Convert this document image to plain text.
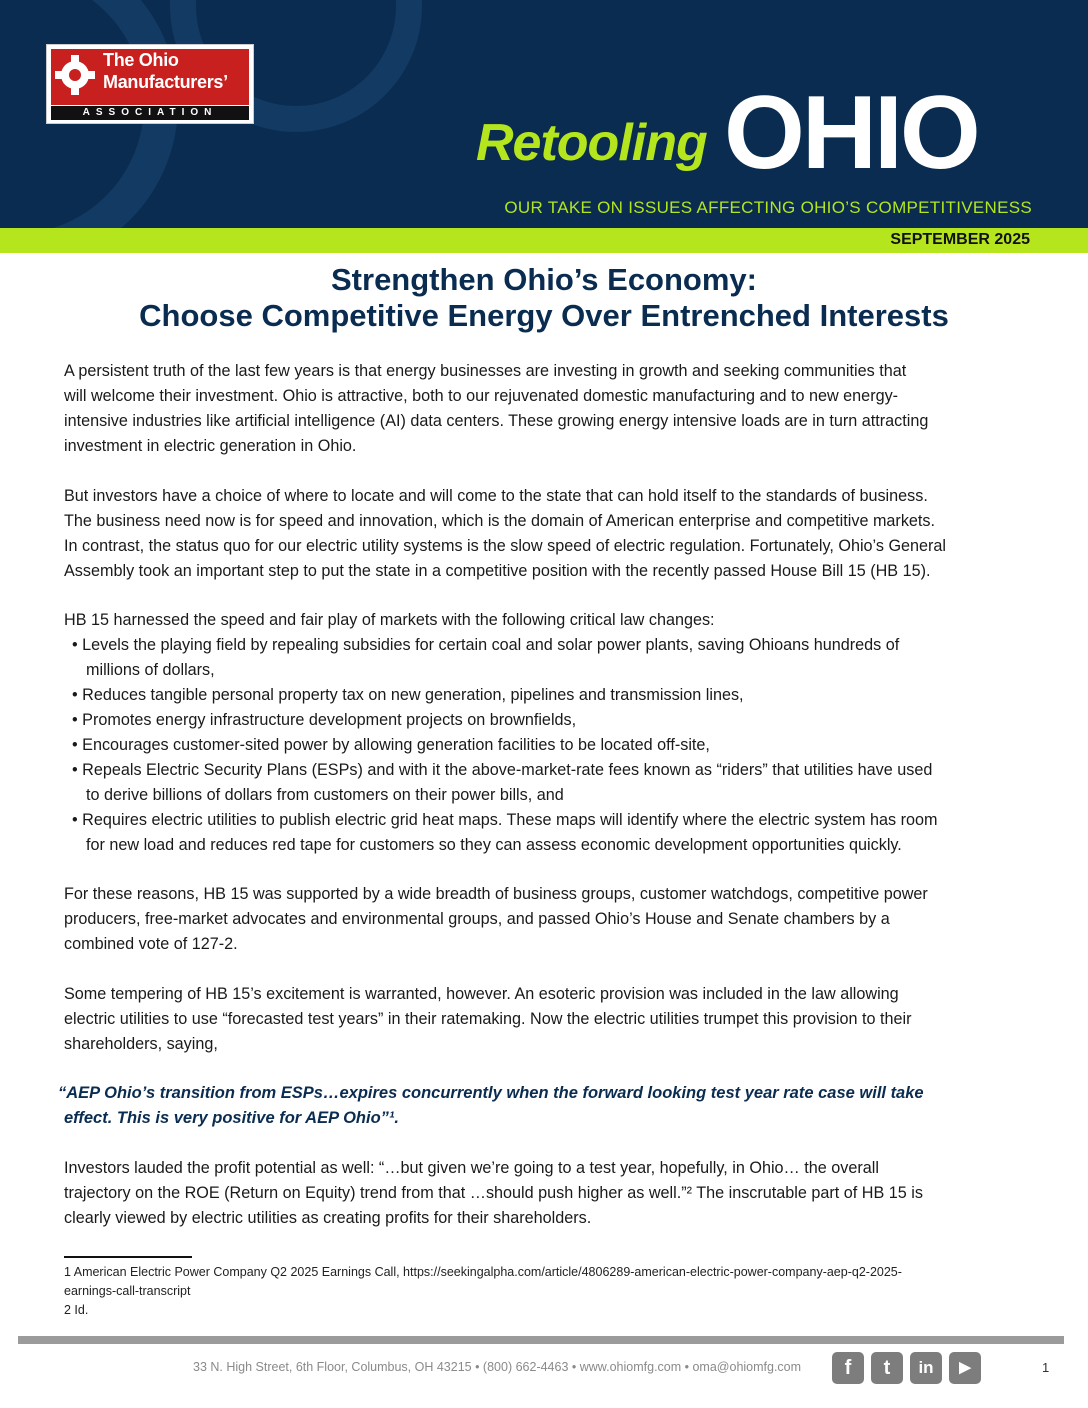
The Ohio
Manufacturers’
ASSOCIATION
Retooling OHIO
OUR TAKE ON ISSUES AFFECTING OHIO’S COMPETITIVENESS
SEPTEMBER 2025
Strengthen Ohio’s Economy:
Choose Competitive Energy Over Entrenched Interests

A persistent truth of the last few years is that energy businesses are investing in growth and seeking communities that

will welcome their investment. Ohio is attractive, both to our rejuvenated domestic manufacturing and to new energy-

intensive industries like artificial intelligence (AI) data centers. These growing energy intensive loads are in turn attracting

investment in electric generation in Ohio.

But investors have a choice of where to locate and will come to the state that can hold itself to the standards of business.

The business need now is for speed and innovation, which is the domain of American enterprise and competitive markets.

In contrast, the status quo for our electric utility systems is the slow speed of electric regulation. Fortunately, Ohio’s General

Assembly took an important step to put the state in a competitive position with the recently passed House Bill 15 (HB 15).

HB 15 harnessed the speed and fair play of markets with the following critical law changes:

• Levels the playing field by repealing subsidies for certain coal and solar power plants, saving Ohioans hundreds of
millions of dollars,
• Reduces tangible personal property tax on new generation, pipelines and transmission lines,
• Promotes energy infrastructure development projects on brownfields,
• Encourages customer-sited power by allowing generation facilities to be located off-site,
• Repeals Electric Security Plans (ESPs) and with it the above-market-rate fees known as “riders” that utilities have used
to derive billions of dollars from customers on their power bills, and
• Requires electric utilities to publish electric grid heat maps. These maps will identify where the electric system has room
for new load and reduces red tape for customers so they can assess economic development opportunities quickly.

For these reasons, HB 15 was supported by a wide breadth of business groups, customer watchdogs, competitive power

producers, free-market advocates and environmental groups, and passed Ohio’s House and Senate chambers by a

combined vote of 127-2.

Some tempering of HB 15’s excitement is warranted, however. An esoteric provision was included in the law allowing

electric utilities to use “forecasted test years” in their ratemaking. Now the electric utilities trumpet this provision to their

shareholders, saying,

“AEP Ohio’s transition from ESPs…expires concurrently when the forward looking test year rate case will take
effect. This is very positive for AEP Ohio”¹.

Investors lauded the profit potential as well: “…but given we’re going to a test year, hopefully, in Ohio… the overall

trajectory on the ROE (Return on Equity) trend from that …should push higher as well.”² The inscrutable part of HB 15 is

clearly viewed by electric utilities as creating profits for their shareholders.

1 American Electric Power Company Q2 2025 Earnings Call, https://seekingalpha.com/article/4806289-american-electric-power-company-aep-q2-2025-
earnings-call-transcript
2 Id.
33 N. High Street, 6th Floor, Columbus, OH 43215 • (800) 662-4463 • www.ohiomfg.com • oma@ohiomfg.com	f	t	in	▶	1
